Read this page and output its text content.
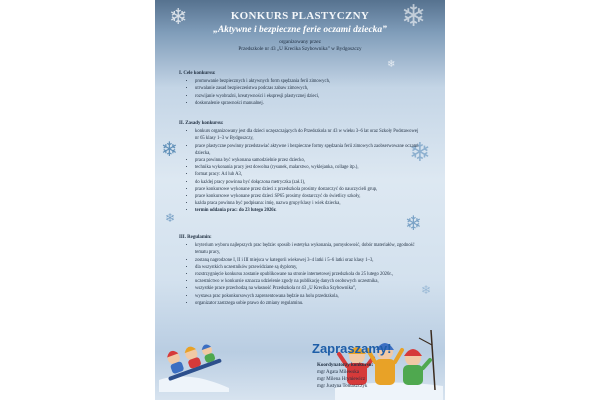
❄	❄
❄
❄
❄
❄
❄
❄
KONKURS PLASTYCZNY
„Aktywne i bezpieczne ferie oczami dziecka”
organizowany przez
Przedszkole nr 43 „U Krecika Szybownika” w Bydgoszczy
I. Cele konkursu:
• promowanie bezpiecznych i aktywnych form spędzania ferii zimowych,
• utrwalanie zasad bezpieczeństwa podczas zabaw zimowych,
• rozwijanie wyobraźni, kreatywności i ekspresji plastycznej dzieci,
• doskonalenie sprawności manualnej.
II. Zasady konkursu:
• konkurs organizowany jest dla dzieci uczęszczających do Przedszkola nr 43 w wieku 3–6 lat oraz Szkoły Podstawowej nr 65 klasy 1–3 w Bydgoszczy,
• prace plastyczne powinny przedstawiać aktywne i bezpieczne formy spędzania ferii zimowych zaobserwowane oczami dziecka,
• praca powinna być wykonana samodzielnie przez dziecko,
• technika wykonania pracy jest dowolna (rysunek, malarstwo, wyklejanka, collage itp.),
• format pracy: A4 lub A3,
• do każdej pracy powinna być dołączona metryczka (zał.1),
• prace konkursowe wykonane przez dzieci z przedszkola prosimy dostarczyć do nauczycieli grup,
• prace konkursowe wykonane przez dzieci SP65 prosimy dostarczyć do świetlicy szkoły,
• każda praca powinna być podpisana: imię, nazwa grupy/klasy i wiek dziecka,
• termin oddania prac: do 23 lutego 2026r.
III. Regulamin:
• kryterium wyboru najlepszych prac będzie: sposób i estetyka wykonania, pomysłowość, dobór materiałów, zgodność tematu pracy,
• zostaną nagrodzone I, II i III miejsca w kategorii wiekowej 3–4 latki i 5–6 latki oraz klasy 1–3,
• dla wszystkich uczestników przewidziane są dyplomy,
• rozstrzygnięcie konkursu zostanie opublikowane na stronie internetowej przedszkola do 25 lutego 2026r.,
• uczestnictwo w konkursie oznacza udzielenie zgody na publikację danych osobowych uczestnika,
• wszystkie prace przechodzą na własność Przedszkola nr 43 „U Krecika Szybownika”,
• wystawa prac pokonkursowych zaprezentowana będzie na holu przedszkola,
• organizator zastrzega sobie prawo do zmiany regulaminu.
Zapraszamy!
Koordynatorzy konkursu:
mgr Agata Milewska
mgr Milena Hryniewicz
mgr Justyna Tomaszczyk
